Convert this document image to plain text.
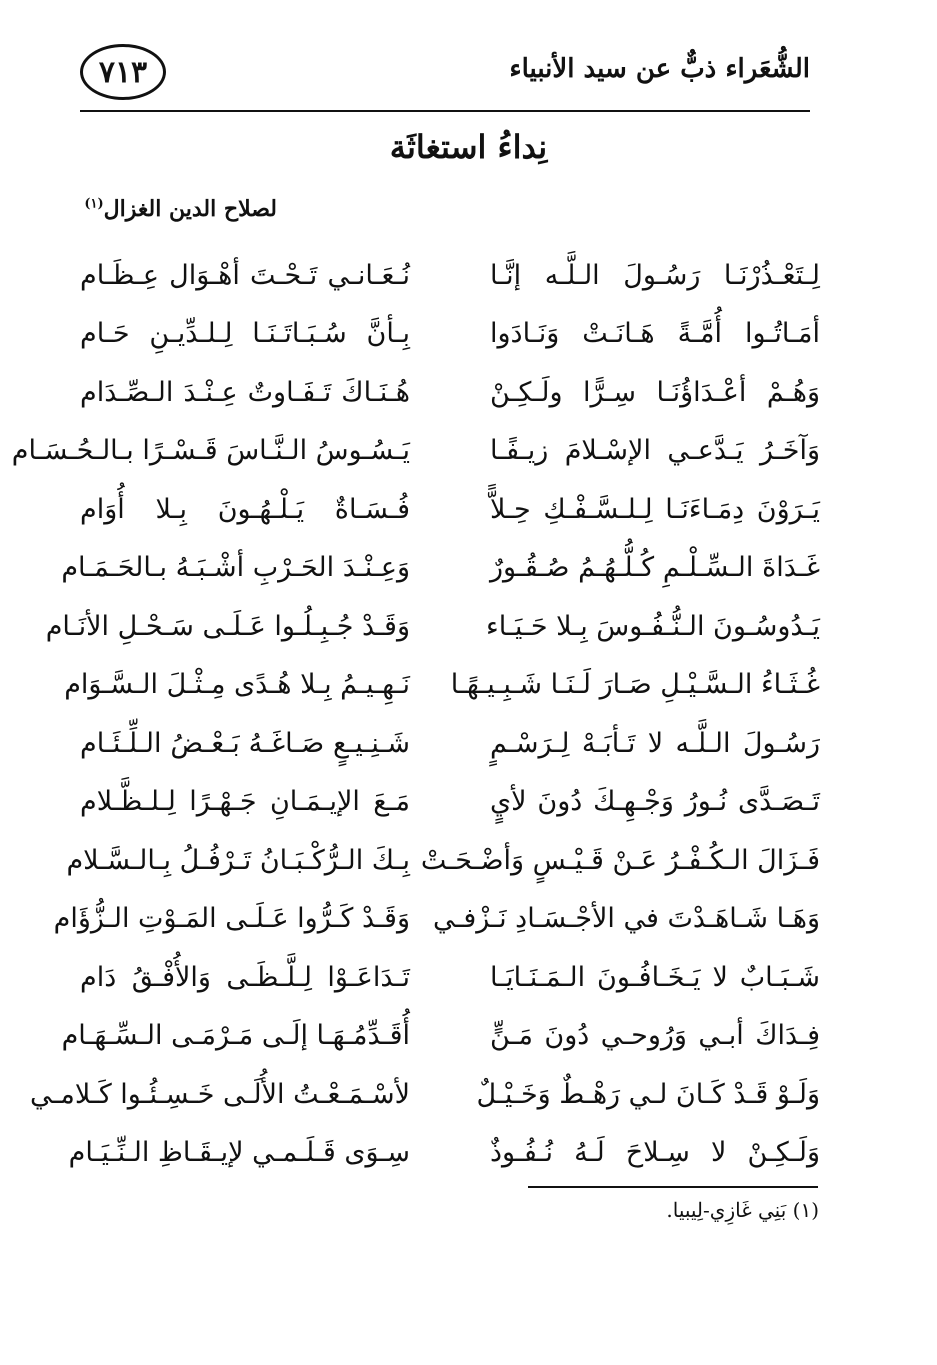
٧١٣	الشُّعَراء ذبٌّ عن سيد الأنبياء
نِداءُ استغاثَة
لصلاح الدين الغزال$^{(١)}$
لِـتَعْـذُرْنَـا رَسُـولَ الـلَّـه إنَّـا
نُـعَـانـي تَـحْـتَ أهْـوَال عِـظَـام
أمَـاتُـوا أُمَّـةً هَـانَـتْ وَنَـادَوا
بِـأنَّ سُـبَـاتَـنَـا لِـلـدِّيـنِ حَـام
وَهُـمْ أعْـدَاؤُنَـا سِـرًّا ولَـكِـنْ
هُـنَـاكَ تَـفَـاوتٌ عِـنْـدَ الـصِّـدَام
وَآخَـرُ يَـدَّعـي الإسْـلامَ زيـفًـا
يَـسُـوسُ الـنَّـاسَ قَـسْـرًا بـالـحُـسَـام
يَـرَوْنَ دِمَـاءَنَـا لِـلـسَّـفْـكِ حِـلاًّ
فُـسَـاةٌ يَـلْـهُـونَ بِـلا أُوَام
غَـدَاةَ الـسِّـلْـمِ كُـلُّـهُـمُ صُـقُـورٌ
وَعِـنْـدَ الحَـرْبِ أشْـبَـهُ بـالحَـمَـام
يَـدُوسُـونَ الـنُّـفُـوسَ بِـلا حَـيَـاء
وَقَـدْ جُـبِـلُـوا عَـلَـى سَـحْـلِ الأنَـام
غُـثَـاءُ الـسَّـيْـلِ صَـارَ لَـنَـا شَـبِـيـهًـا
نَـهِـيـمُ بِـلا هُـدًى مِـثْـلَ الـسَّـوَام
رَسُـولَ الـلَّـه لا تَـأبَـهْ لِـرَسْـمٍ
شَـنِـيـعٍ صَـاغَـهُ بَـعْـضُ الـلِّـئَـام
تَـصَـدَّى نُـورُ وَجْـهِـكَ دُونَ لأيٍ
مَـعَ الإيـمَـانِ جَـهْـرًا لِـلـظَّـلام
فَـزَالَ الـكُـفْـرُ عَـنْ قَـيْـسٍ وَأضْـحَـتْ
بِـكَ الـرُّكْـبَـانُ تَـرْفُـلُ بِـالـسَّـلام
وَهَـا شَـاهَـدْتَ في الأجْـسَـادِ نَـزْفـي
وَقَـدْ كَـرُّوا عَـلَـى المَـوْتِ الـزُّؤَام
شَـبَـابٌ لا يَـخَـافُـونَ الـمَـنَـايَـا
تَـدَاعَـوْا لِـلَّـظَـى وَالأُفْـقُ دَام
فِـدَاكَ أبـي وَرُوحـي دُونَ مَـنٍّ
أُقَـدِّمُـهَـا إلَـى مَـرْمَـى الـسِّـهَـام
وَلَـوْ قَـدْ كَـانَ لـي رَهْـطٌ وَخَـيْـلٌ
لأسْـمَـعْـتُ الأُلَـى خَـسِـئُـوا كَـلامـي
وَلَـكِـنْ لا سِـلاحَ لَـهُ نُـفُـوذٌ
سِـوَى قَـلَـمـي لإيـقَـاظِ الـنِّـيَـام
(١) بَنِي غَازِي-لِيبيا.
